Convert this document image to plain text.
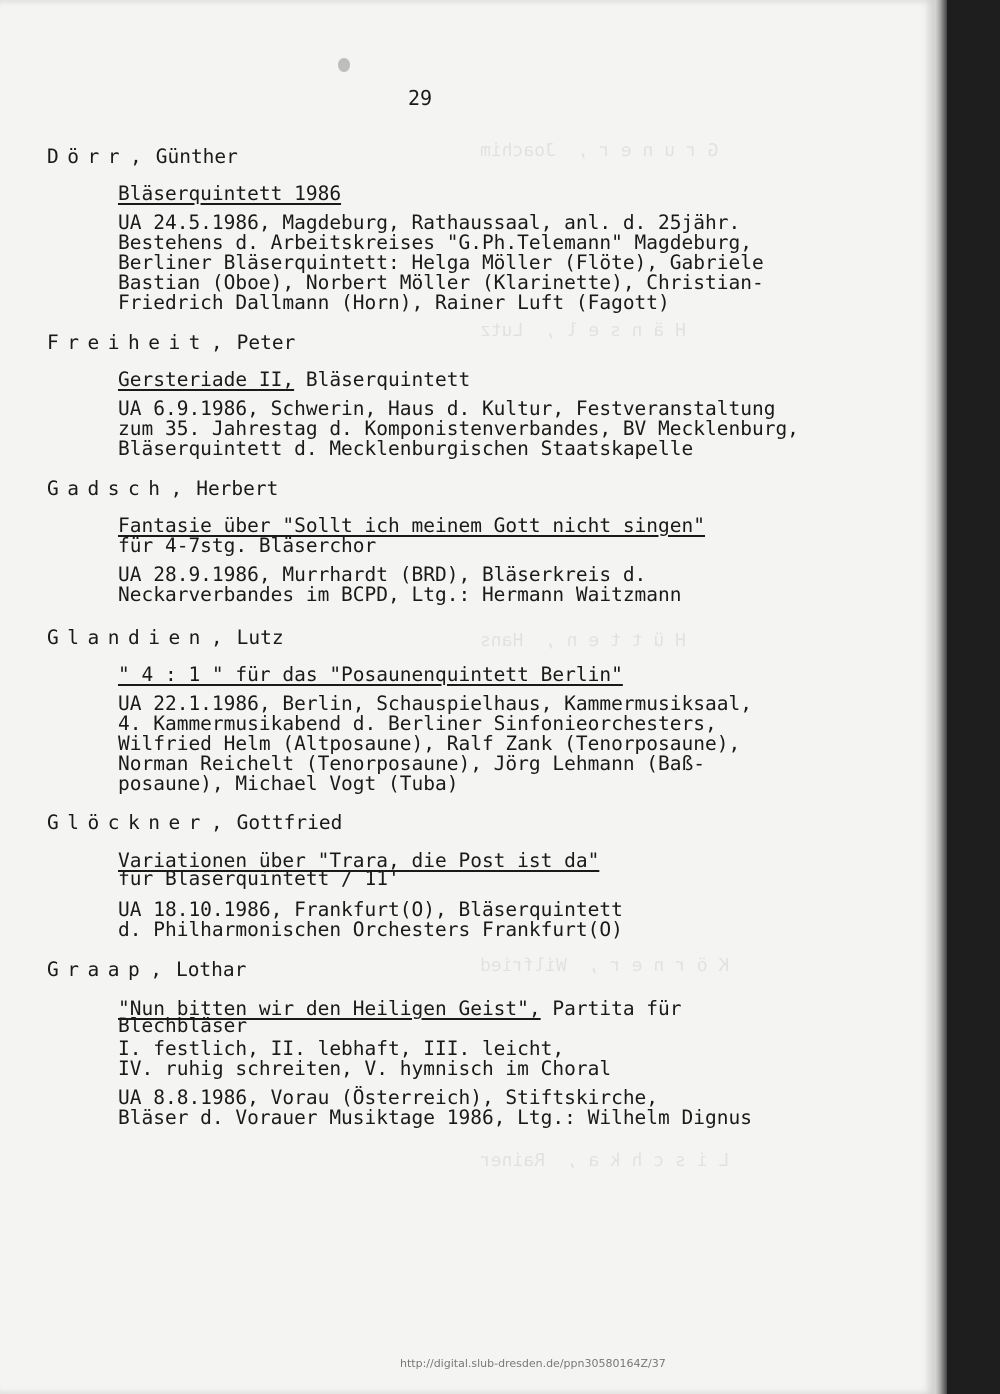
G r u n e r ,  Joachim
H ä n s e l ,  Lutz
H ü t t e n ,  Hans
K ö r n e r ,  Wilfried
L i s c h k a ,  Rainer
29
Dörr , Günther
Bläserquintett 1986
UA 24.5.1986, Magdeburg, Rathaussaal, anl. d. 25jähr.
Bestehens d. Arbeitskreises "G.Ph.Telemann" Magdeburg,
Berliner Bläserquintett: Helga Möller (Flöte), Gabriele
Bastian (Oboe), Norbert Möller (Klarinette), Christian-
Friedrich Dallmann (Horn), Rainer Luft (Fagott)
Freiheit , Peter
Gersteriade II, Bläserquintett
UA 6.9.1986, Schwerin, Haus d. Kultur, Festveranstaltung
zum 35. Jahrestag d. Komponistenverbandes, BV Mecklenburg,
Bläserquintett d. Mecklenburgischen Staatskapelle
Gadsch , Herbert
Fantasie über "Sollt ich meinem Gott nicht singen"
für 4-7stg. Bläserchor
UA 28.9.1986, Murrhardt (BRD), Bläserkreis d.
Neckarverbandes im BCPD, Ltg.: Hermann Waitzmann
Glandien , Lutz
" 4 : 1 " für das "Posaunenquintett Berlin"
UA 22.1.1986, Berlin, Schauspielhaus, Kammermusiksaal,
4. Kammermusikabend d. Berliner Sinfonieorchesters,
Wilfried Helm (Altposaune), Ralf Zank (Tenorposaune),
Norman Reichelt (Tenorposaune), Jörg Lehmann (Baß-
posaune), Michael Vogt (Tuba)
Glöckner , Gottfried
Variationen über "Trara, die Post ist da"
für Bläserquintett / 11'
UA 18.10.1986, Frankfurt(O), Bläserquintett
d. Philharmonischen Orchesters Frankfurt(O)
Graap , Lothar
"Nun bitten wir den Heiligen Geist", Partita für
Blechbläser
I. festlich, II. lebhaft, III. leicht,
IV. ruhig schreiten, V. hymnisch im Choral
UA 8.8.1986, Vorau (Österreich), Stiftskirche,
Bläser d. Vorauer Musiktage 1986, Ltg.: Wilhelm Dignus
http://digital.slub-dresden.de/ppn30580164Z/37
